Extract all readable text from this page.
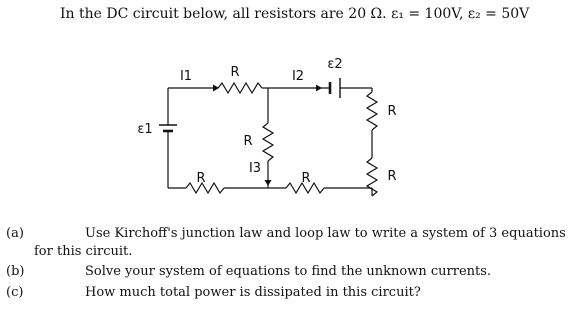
In the DC circuit below, all resistors are 20 Ω. ε₁ = 100V, ε₂ = 50V
R
I1	I2
ε2
R
ε1
R
I3
R	R	R
(a)	Use Kirchoff's junction law and loop law to write a system of 3 equations
for this circuit.
(b)	Solve your system of equations to find the unknown currents.
(c)	How much total power is dissipated in this circuit?
